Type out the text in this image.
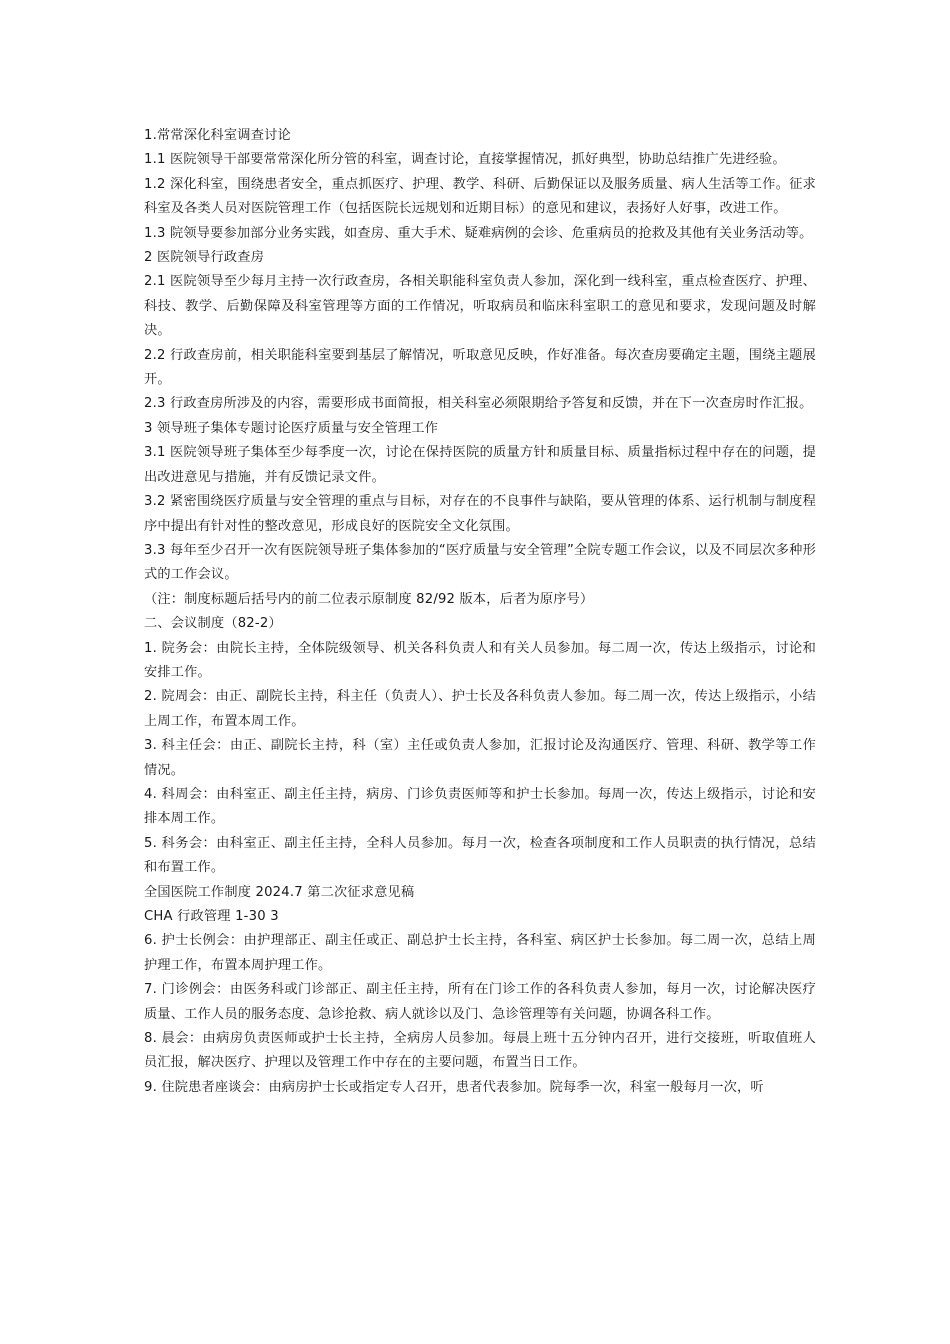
1.常常深化科室调查讨论

1.1 医院领导干部要常常深化所分管的科室，调查讨论，直接掌握情况，抓好典型，协助总结推广先进经验。

1.2 深化科室，围绕患者安全，重点抓医疗、护理、教学、科研、后勤保证以及服务质量、病人生活等工作。征求科室及各类人员对医院管理工作（包括医院长远规划和近期目标）的意见和建议，表扬好人好事，改进工作。

1.3 院领导要参加部分业务实践，如查房、重大手术、疑难病例的会诊、危重病员的抢救及其他有关业务活动等。

2 医院领导行政查房

2.1 医院领导至少每月主持一次行政查房，各相关职能科室负责人参加，深化到一线科室，重点检查医疗、护理、科技、教学、后勤保障及科室管理等方面的工作情况，听取病员和临床科室职工的意见和要求，发现问题及时解决。

2.2 行政查房前，相关职能科室要到基层了解情况，听取意见反映，作好准备。每次查房要确定主题，围绕主题展开。

2.3 行政查房所涉及的内容，需要形成书面简报，相关科室必须限期给予答复和反馈，并在下一次查房时作汇报。

3 领导班子集体专题讨论医疗质量与安全管理工作

3.1 医院领导班子集体至少每季度一次，讨论在保持医院的质量方针和质量目标、质量指标过程中存在的问题，提出改进意见与措施，并有反馈记录文件。

3.2 紧密围绕医疗质量与安全管理的重点与目标，对存在的不良事件与缺陷，要从管理的体系、运行机制与制度程序中提出有针对性的整改意见，形成良好的医院安全文化氛围。

3.3 每年至少召开一次有医院领导班子集体参加的“医疗质量与安全管理”全院专题工作会议，以及不同层次多种形式的工作会议。

（注：制度标题后括号内的前二位表示原制度 82/92 版本，后者为原序号）

二、会议制度（82-2）

1. 院务会：由院长主持，全体院级领导、机关各科负责人和有关人员参加。每二周一次，传达上级指示，讨论和安排工作。

2. 院周会：由正、副院长主持，科主任（负责人）、护士长及各科负责人参加。每二周一次，传达上级指示，小结上周工作，布置本周工作。

3. 科主任会：由正、副院长主持，科（室）主任或负责人参加，汇报讨论及沟通医疗、管理、科研、教学等工作情况。

4. 科周会：由科室正、副主任主持，病房、门诊负责医师等和护士长参加。每周一次，传达上级指示，讨论和安排本周工作。

5. 科务会：由科室正、副主任主持，全科人员参加。每月一次，检查各项制度和工作人员职责的执行情况，总结和布置工作。

全国医院工作制度 2024.7 第二次征求意见稿

CHA 行政管理 1-30 3

6. 护士长例会：由护理部正、副主任或正、副总护士长主持，各科室、病区护士长参加。每二周一次，总结上周护理工作，布置本周护理工作。

7. 门诊例会：由医务科或门诊部正、副主任主持，所有在门诊工作的各科负责人参加，每月一次，讨论解决医疗质量、工作人员的服务态度、急诊抢救、病人就诊以及门、急诊管理等有关问题，协调各科工作。

8. 晨会：由病房负责医师或护士长主持，全病房人员参加。每晨上班十五分钟内召开，进行交接班，听取值班人员汇报，解决医疗、护理以及管理工作中存在的主要问题，布置当日工作。

9. 住院患者座谈会：由病房护士长或指定专人召开，患者代表参加。院每季一次，科室一般每月一次，听
